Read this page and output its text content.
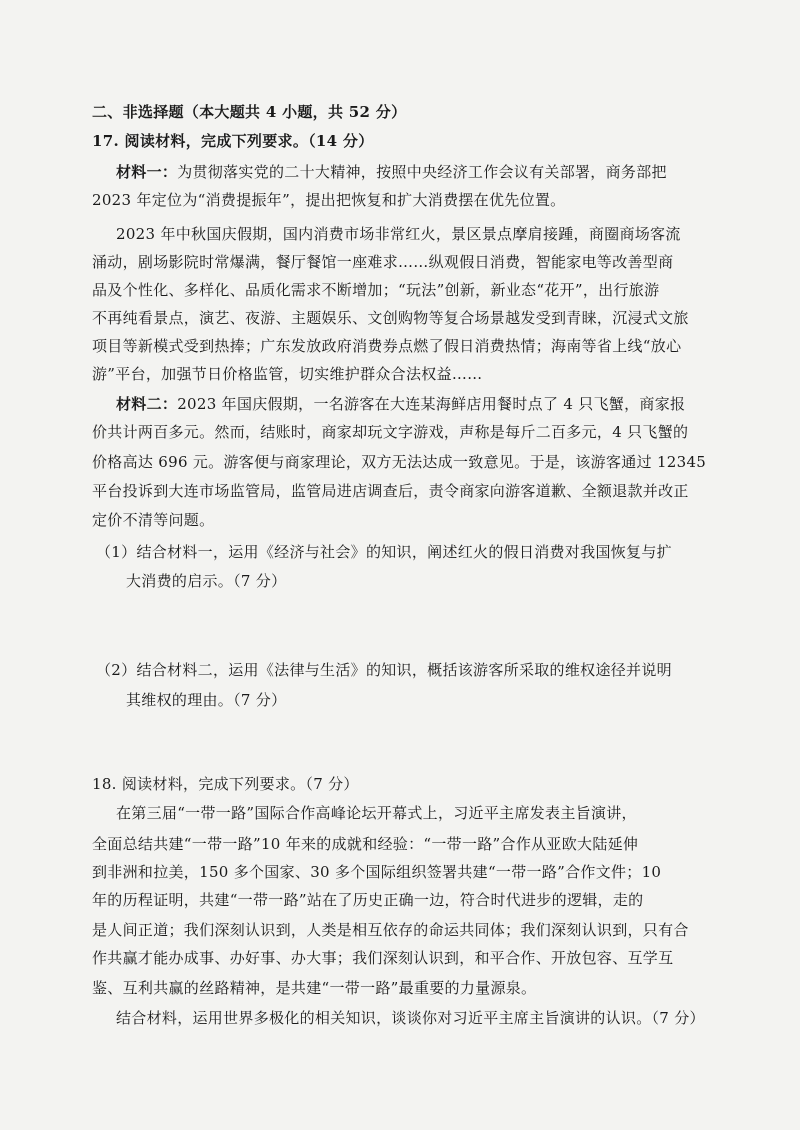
二、非选择题（本大题共 4 小题，共 52 分）
17. 阅读材料，完成下列要求。（14 分）
材料一：为贯彻落实党的二十大精神，按照中央经济工作会议有关部署，商务部把
2023 年定位为“消费提振年”，提出把恢复和扩大消费摆在优先位置。
2023 年中秋国庆假期，国内消费市场非常红火，景区景点摩肩接踵，商圈商场客流
涌动，剧场影院时常爆满，餐厅餐馆一座难求……纵观假日消费，智能家电等改善型商
品及个性化、多样化、品质化需求不断增加；“玩法”创新，新业态“花开”，出行旅游
不再纯看景点，演艺、夜游、主题娱乐、文创购物等复合场景越发受到青睐，沉浸式文旅
项目等新模式受到热捧；广东发放政府消费券点燃了假日消费热情；海南等省上线“放心
游”平台，加强节日价格监管，切实维护群众合法权益……
材料二：2023 年国庆假期，一名游客在大连某海鲜店用餐时点了 4 只飞蟹，商家报
价共计两百多元。然而，结账时，商家却玩文字游戏，声称是每斤二百多元，4 只飞蟹的
价格高达 696 元。游客便与商家理论，双方无法达成一致意见。于是，该游客通过 12345
平台投诉到大连市场监管局，监管局进店调查后，责令商家向游客道歉、全额退款并改正
定价不清等问题。
（1）结合材料一，运用《经济与社会》的知识，阐述红火的假日消费对我国恢复与扩
大消费的启示。（7 分）
（2）结合材料二，运用《法律与生活》的知识，概括该游客所采取的维权途径并说明
其维权的理由。（7 分）
18. 阅读材料，完成下列要求。（7 分）
在第三届“一带一路”国际合作高峰论坛开幕式上，习近平主席发表主旨演讲，
全面总结共建“一带一路”10 年来的成就和经验：“一带一路”合作从亚欧大陆延伸
到非洲和拉美，150 多个国家、30 多个国际组织签署共建“一带一路”合作文件；10
年的历程证明，共建“一带一路”站在了历史正确一边，符合时代进步的逻辑，走的
是人间正道；我们深刻认识到，人类是相互依存的命运共同体；我们深刻认识到，只有合
作共赢才能办成事、办好事、办大事；我们深刻认识到，和平合作、开放包容、互学互
鉴、互利共赢的丝路精神，是共建“一带一路”最重要的力量源泉。
结合材料，运用世界多极化的相关知识，谈谈你对习近平主席主旨演讲的认识。（7 分）
